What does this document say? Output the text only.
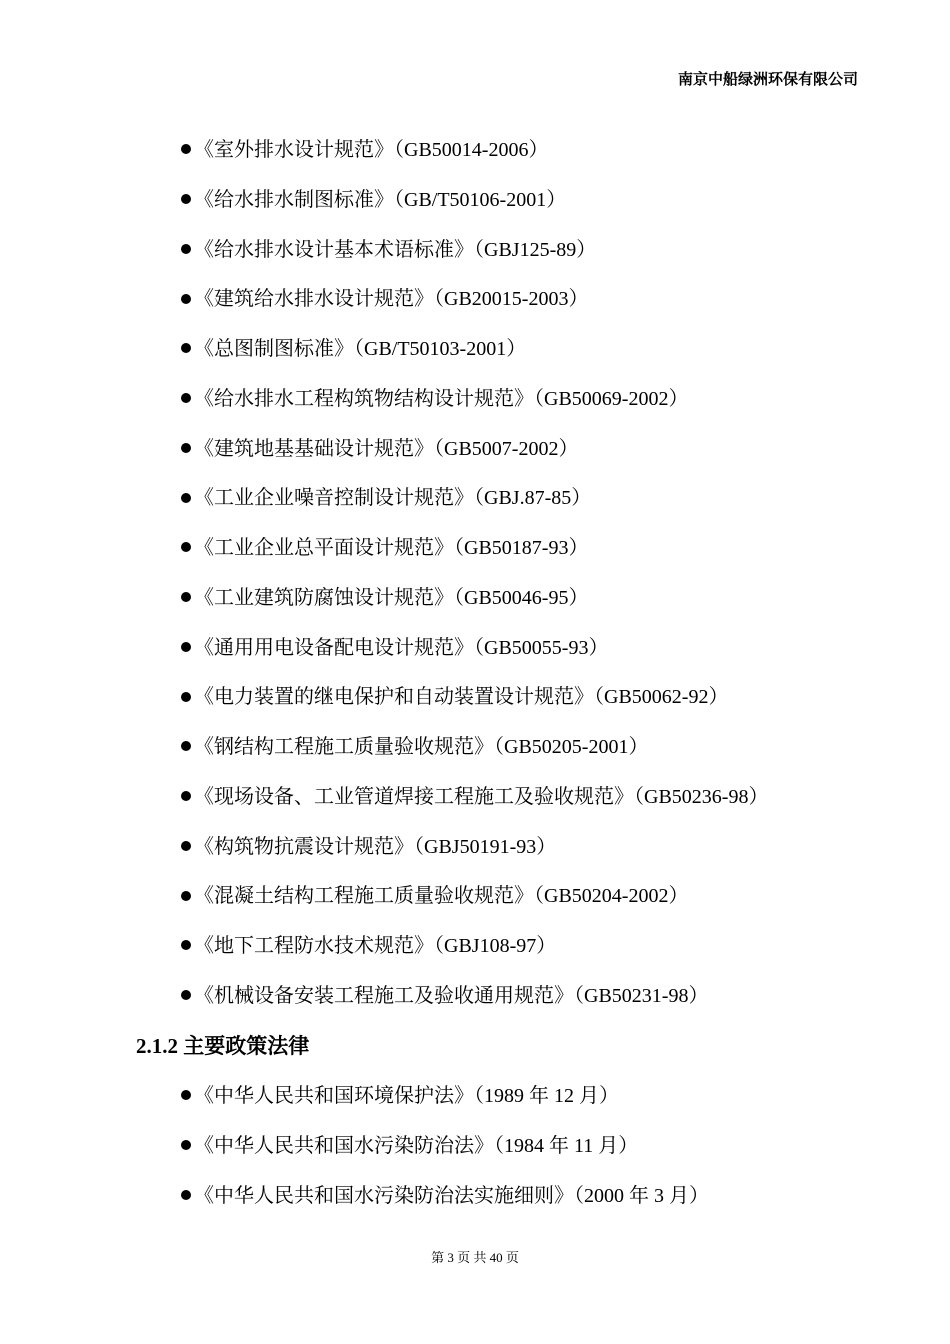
南京中船绿洲环保有限公司
《室外排水设计规范》（GB50014-2006）
《给水排水制图标准》（GB/T50106-2001）
《给水排水设计基本术语标准》（GBJ125-89）
《建筑给水排水设计规范》（GB20015-2003）
《总图制图标准》（GB/T50103-2001）
《给水排水工程构筑物结构设计规范》（GB50069-2002）
《建筑地基基础设计规范》（GB5007-2002）
《工业企业噪音控制设计规范》（GBJ.87-85）
《工业企业总平面设计规范》（GB50187-93）
《工业建筑防腐蚀设计规范》（GB50046-95）
《通用用电设备配电设计规范》（GB50055-93）
《电力装置的继电保护和自动装置设计规范》（GB50062-92）
《钢结构工程施工质量验收规范》（GB50205-2001）
《现场设备、工业管道焊接工程施工及验收规范》（GB50236-98）
《构筑物抗震设计规范》（GBJ50191-93）
《混凝土结构工程施工质量验收规范》（GB50204-2002）
《地下工程防水技术规范》（GBJ108-97）
《机械设备安装工程施工及验收通用规范》（GB50231-98）
2.1.2 主要政策法律
《中华人民共和国环境保护法》（1989 年 12 月）
《中华人民共和国水污染防治法》（1984 年 11 月）
《中华人民共和国水污染防治法实施细则》（2000 年 3 月）
第 3 页 共 40 页
